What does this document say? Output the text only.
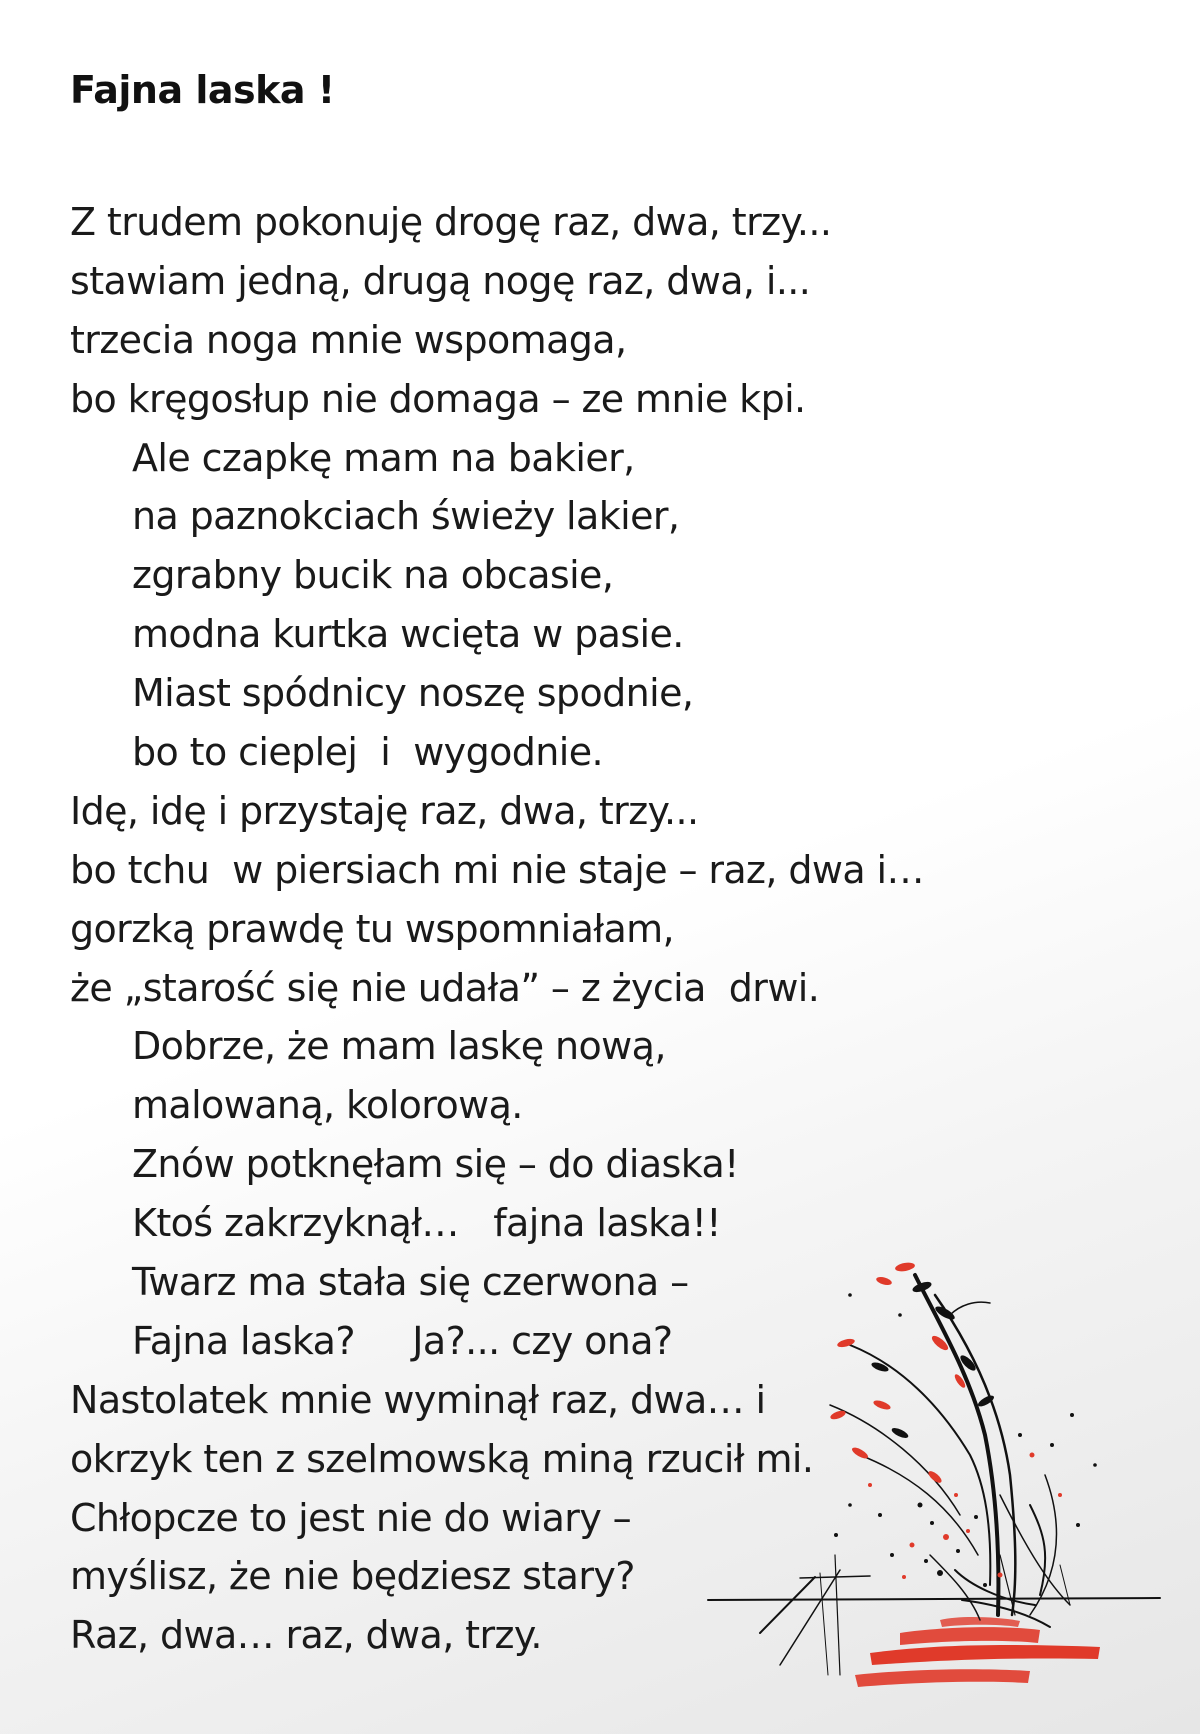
Fajna laska !
Z trudem pokonuję drogę raz, dwa, trzy...
stawiam jedną, drugą nogę raz, dwa, i...
trzecia noga mnie wspomaga,
bo kręgosłup nie domaga – ze mnie kpi.
Ale czapkę mam na bakier,
na paznokciach świeży lakier,
zgrabny bucik na obcasie,
modna kurtka wcięta w pasie.
Miast spódnicy noszę spodnie,
bo to cieplej  i  wygodnie.
Idę, idę i przystaję raz, dwa, trzy...
bo tchu  w piersiach mi nie staje – raz, dwa i…
gorzką prawdę tu wspomniałam,
że „starość się nie udała” – z życia  drwi.
Dobrze, że mam laskę nową,
malowaną, kolorową.
Znów potknęłam się – do diaska!
Ktoś zakrzyknął…   fajna laska!!
Twarz ma stała się czerwona –
Fajna laska?     Ja?... czy ona?
Nastolatek mnie wyminął raz, dwa… i
okrzyk ten z szelmowską miną rzucił mi.
Chłopcze to jest nie do wiary –
myślisz, że nie będziesz stary?
Raz, dwa… raz, dwa, trzy.
